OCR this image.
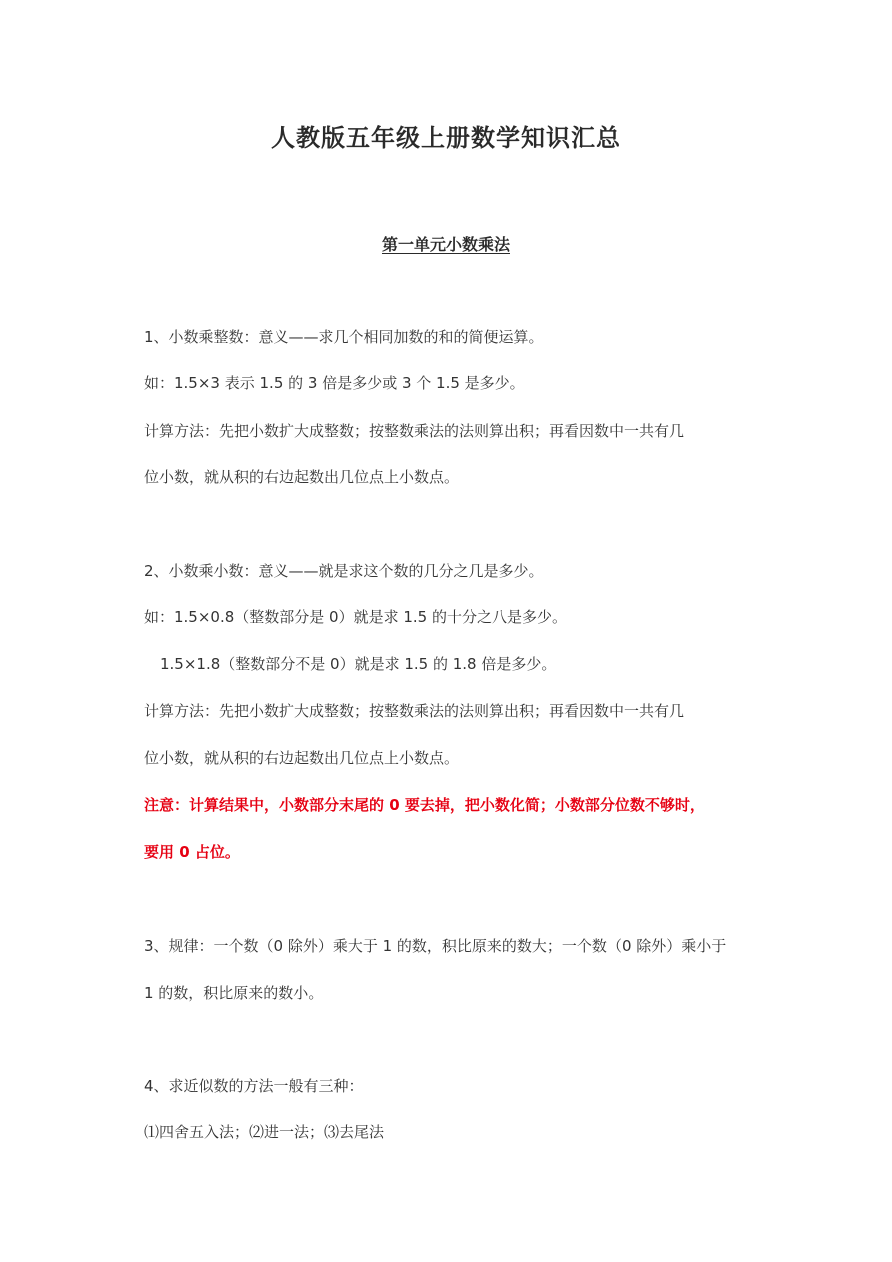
人教版五年级上册数学知识汇总
第一单元小数乘法
1、小数乘整数：意义——求几个相同加数的和的简便运算。
如：1.5×3 表示 1.5 的 3 倍是多少或 3 个 1.5 是多少。
计算方法：先把小数扩大成整数；按整数乘法的法则算出积；再看因数中一共有几
位小数，就从积的右边起数出几位点上小数点。
2、小数乘小数：意义——就是求这个数的几分之几是多少。
如：1.5×0.8（整数部分是 0）就是求 1.5 的十分之八是多少。
1.5×1.8（整数部分不是 0）就是求 1.5 的 1.8 倍是多少。
计算方法：先把小数扩大成整数；按整数乘法的法则算出积；再看因数中一共有几
位小数，就从积的右边起数出几位点上小数点。
注意：计算结果中，小数部分末尾的 0 要去掉，把小数化简；小数部分位数不够时，
要用 0 占位。
3、规律：一个数（0 除外）乘大于 1 的数，积比原来的数大；一个数（0 除外）乘小于
1 的数，积比原来的数小。
4、求近似数的方法一般有三种：
⑴四舍五入法；⑵进一法；⑶去尾法
